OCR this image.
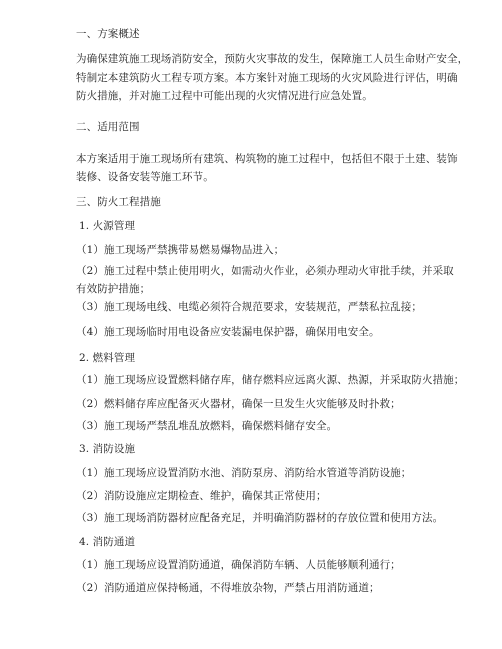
一、方案概述
为确保建筑施工现场消防安全，预防火灾事故的发生，保障施工人员生命财产安全，
特制定本建筑防火工程专项方案。本方案针对施工现场的火灾风险进行评估，明确
防火措施，并对施工过程中可能出现的火灾情况进行应急处置。
二、适用范围
本方案适用于施工现场所有建筑、构筑物的施工过程中，包括但不限于土建、装饰
装修、设备安装等施工环节。
三、防火工程措施
1. 火源管理
（1）施工现场严禁携带易燃易爆物品进入；
（2）施工过程中禁止使用明火，如需动火作业，必须办理动火审批手续，并采取
有效防护措施；
（3）施工现场电线、电缆必须符合规范要求，安装规范，严禁私拉乱接；
（4）施工现场临时用电设备应安装漏电保护器，确保用电安全。
2. 燃料管理
（1）施工现场应设置燃料储存库，储存燃料应远离火源、热源，并采取防火措施；
（2）燃料储存库应配备灭火器材，确保一旦发生火灾能够及时扑救；
（3）施工现场严禁乱堆乱放燃料，确保燃料储存安全。
3. 消防设施
（1）施工现场应设置消防水池、消防泵房、消防给水管道等消防设施；
（2）消防设施应定期检查、维护，确保其正常使用；
（3）施工现场消防器材应配备充足，并明确消防器材的存放位置和使用方法。
4. 消防通道
（1）施工现场应设置消防通道，确保消防车辆、人员能够顺利通行；
（2）消防通道应保持畅通，不得堆放杂物，严禁占用消防通道；
